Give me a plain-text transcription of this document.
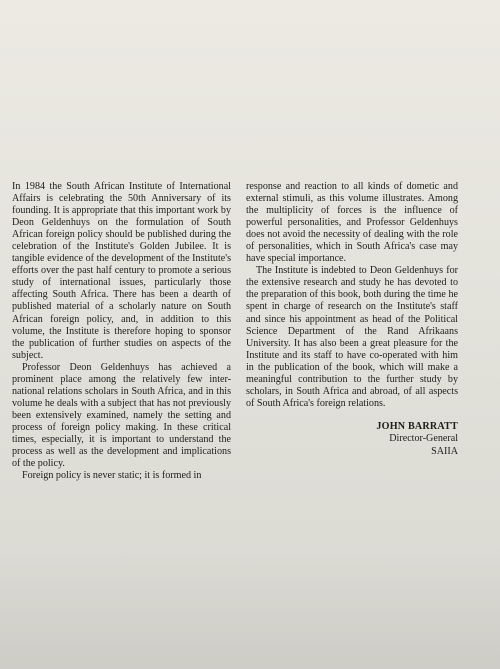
In 1984 the South African Institute of International Affairs is celebrating the 50th Anniversary of its founding. It is appropriate that this important work by Deon Geldenhuys on the formulation of South African foreign policy should be published during the celebration of the Institute's Golden Jubilee. It is tangible evidence of the development of the Institute's efforts over the past half century to promote a serious study of international issues, particularly those affecting South Africa. There has been a dearth of published material of a scholarly nature on South African foreign policy, and, in addition to this volume, the Institute is therefore hoping to sponsor the publication of further studies on aspects of the subject.

Professor Deon Geldenhuys has achieved a prominent place among the relatively few inter-national relations scholars in South Africa, and in this volume he deals with a subject that has not previously been extensively examined, namely the setting and process of foreign policy making. In these critical times, especially, it is important to understand the process as well as the development and implications of the policy.

Foreign policy is never static; it is formed in

response and reaction to all kinds of dometic and external stimuli, as this volume illustrates. Among the multiplicity of forces is the influence of powerful personalities, and Professor Geldenhuys does not avoid the necessity of dealing with the role of personalities, which in South Africa's case may have special importance.

The Institute is indebted to Deon Geldenhuys for the extensive research and study he has devoted to the preparation of this book, both during the time he spent in charge of research on the Institute's staff and since his appointment as head of the Political Science Department of the Rand Afrikaans University. It has also been a great pleasure for the Institute and its staff to have co-operated with him in the publication of the book, which will make a meaningful contribution to the further study by scholars, in South Africa and abroad, of all aspects of South Africa's foreign relations.

JOHN BARRATT
Director-General
SAIIA
